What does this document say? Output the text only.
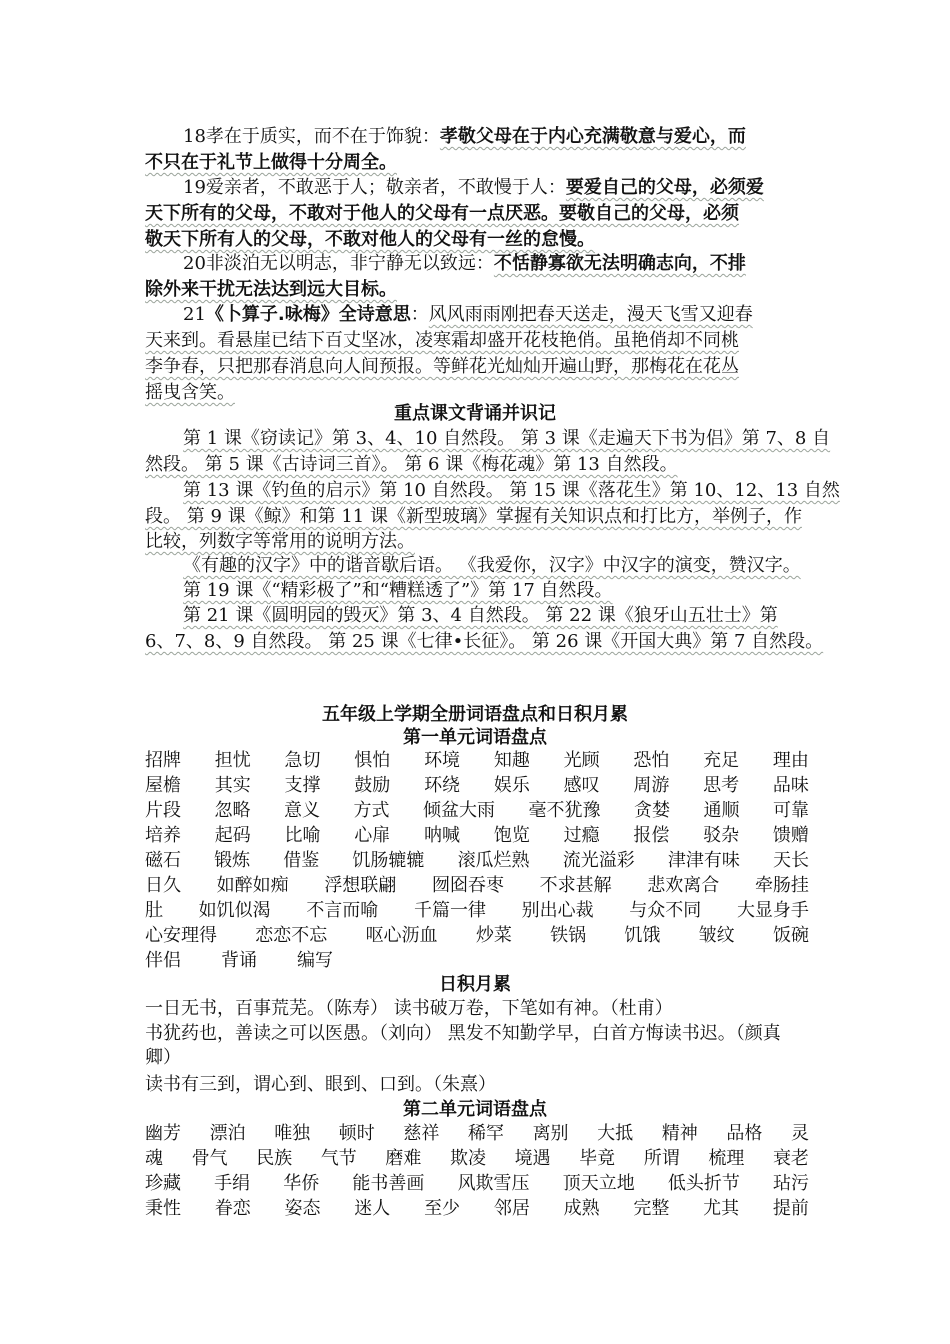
18孝在于质实，而不在于饰貌：孝敬父母在于内心充满敬意与爱心，而
不只在于礼节上做得十分周全。
19爱亲者，不敢恶于人；敬亲者，不敢慢于人：要爱自己的父母，必须爱
天下所有的父母，不敢对于他人的父母有一点厌恶。要敬自己的父母，必须
敬天下所有人的父母，不敢对他人的父母有一丝的怠慢。
20非淡泊无以明志，非宁静无以致远：不恬静寡欲无法明确志向，不排
除外来干扰无法达到远大目标。
21《卜算子.咏梅》全诗意思：风风雨雨刚把春天送走，漫天飞雪又迎春
天来到。看悬崖已结下百丈坚冰，凌寒霜却盛开花枝艳俏。虽艳俏却不同桃
李争春，只把那春消息向人间预报。等鲜花光灿灿开遍山野，那梅花在花丛
摇曳含笑。
重点课文背诵并识记
第 1 课《窃读记》第 3、4、10 自然段。 第 3 课《走遍天下书为侣》第 7、8 自
然段。 第 5 课《古诗词三首》。 第 6 课《梅花魂》第 13 自然段。
第 13 课《钓鱼的启示》第 10 自然段。 第 15 课《落花生》第 10、12、13 自然
段。 第 9 课《鲸》和第 11 课《新型玻璃》掌握有关知识点和打比方，举例子，作
比较，列数字等常用的说明方法。
《有趣的汉字》中的谐音歇后语。 《我爱你，汉字》中汉字的演变，赞汉字。
第 19 课《“精彩极了”和“糟糕透了”》第 17 自然段。
第 21 课《圆明园的毁灭》第 3、4 自然段。 第 22 课《狼牙山五壮士》第
6、7、8、9 自然段。 第 25 课《七律•长征》。 第 26 课《开国大典》第 7 自然段。
五年级上学期全册词语盘点和日积月累
第一单元词语盘点
招牌 担忧 急切 惧怕 环境 知趣 光顾 恐怕 充足 理由
屋檐 其实 支撑 鼓励 环绕 娱乐 感叹 周游 思考 品味
片段 忽略 意义 方式 倾盆大雨 毫不犹豫 贪婪 通顺 可靠
培养 起码 比喻 心扉 呐喊 饱览 过瘾 报偿 驳杂 馈赠
磁石 锻炼 借鉴 饥肠辘辘 滚瓜烂熟 流光溢彩 津津有味 天长
日久 如醉如痴 浮想联翩 囫囵吞枣 不求甚解 悲欢离合 牵肠挂
肚 如饥似渴 不言而喻 千篇一律 别出心裁 与众不同 大显身手
心安理得 恋恋不忘 呕心沥血 炒菜 铁锅 饥饿 皱纹 饭碗
伴侣 背诵 编写
日积月累
一日无书，百事荒芜。（陈寿） 读书破万卷，下笔如有神。（杜甫）
书犹药也，善读之可以医愚。（刘向） 黑发不知勤学早，白首方悔读书迟。（颜真
卿）
读书有三到，谓心到、眼到、口到。（朱熹）
第二单元词语盘点
幽芳 漂泊 唯独 顿时 慈祥 稀罕 离别 大抵 精神 品格 灵
魂 骨气 民族 气节 磨难 欺凌 境遇 毕竟 所谓 梳理 衰老
珍藏 手绢 华侨 能书善画 风欺雪压 顶天立地 低头折节 玷污
秉性 眷恋 姿态 迷人 至少 邻居 成熟 完整 尤其 提前
